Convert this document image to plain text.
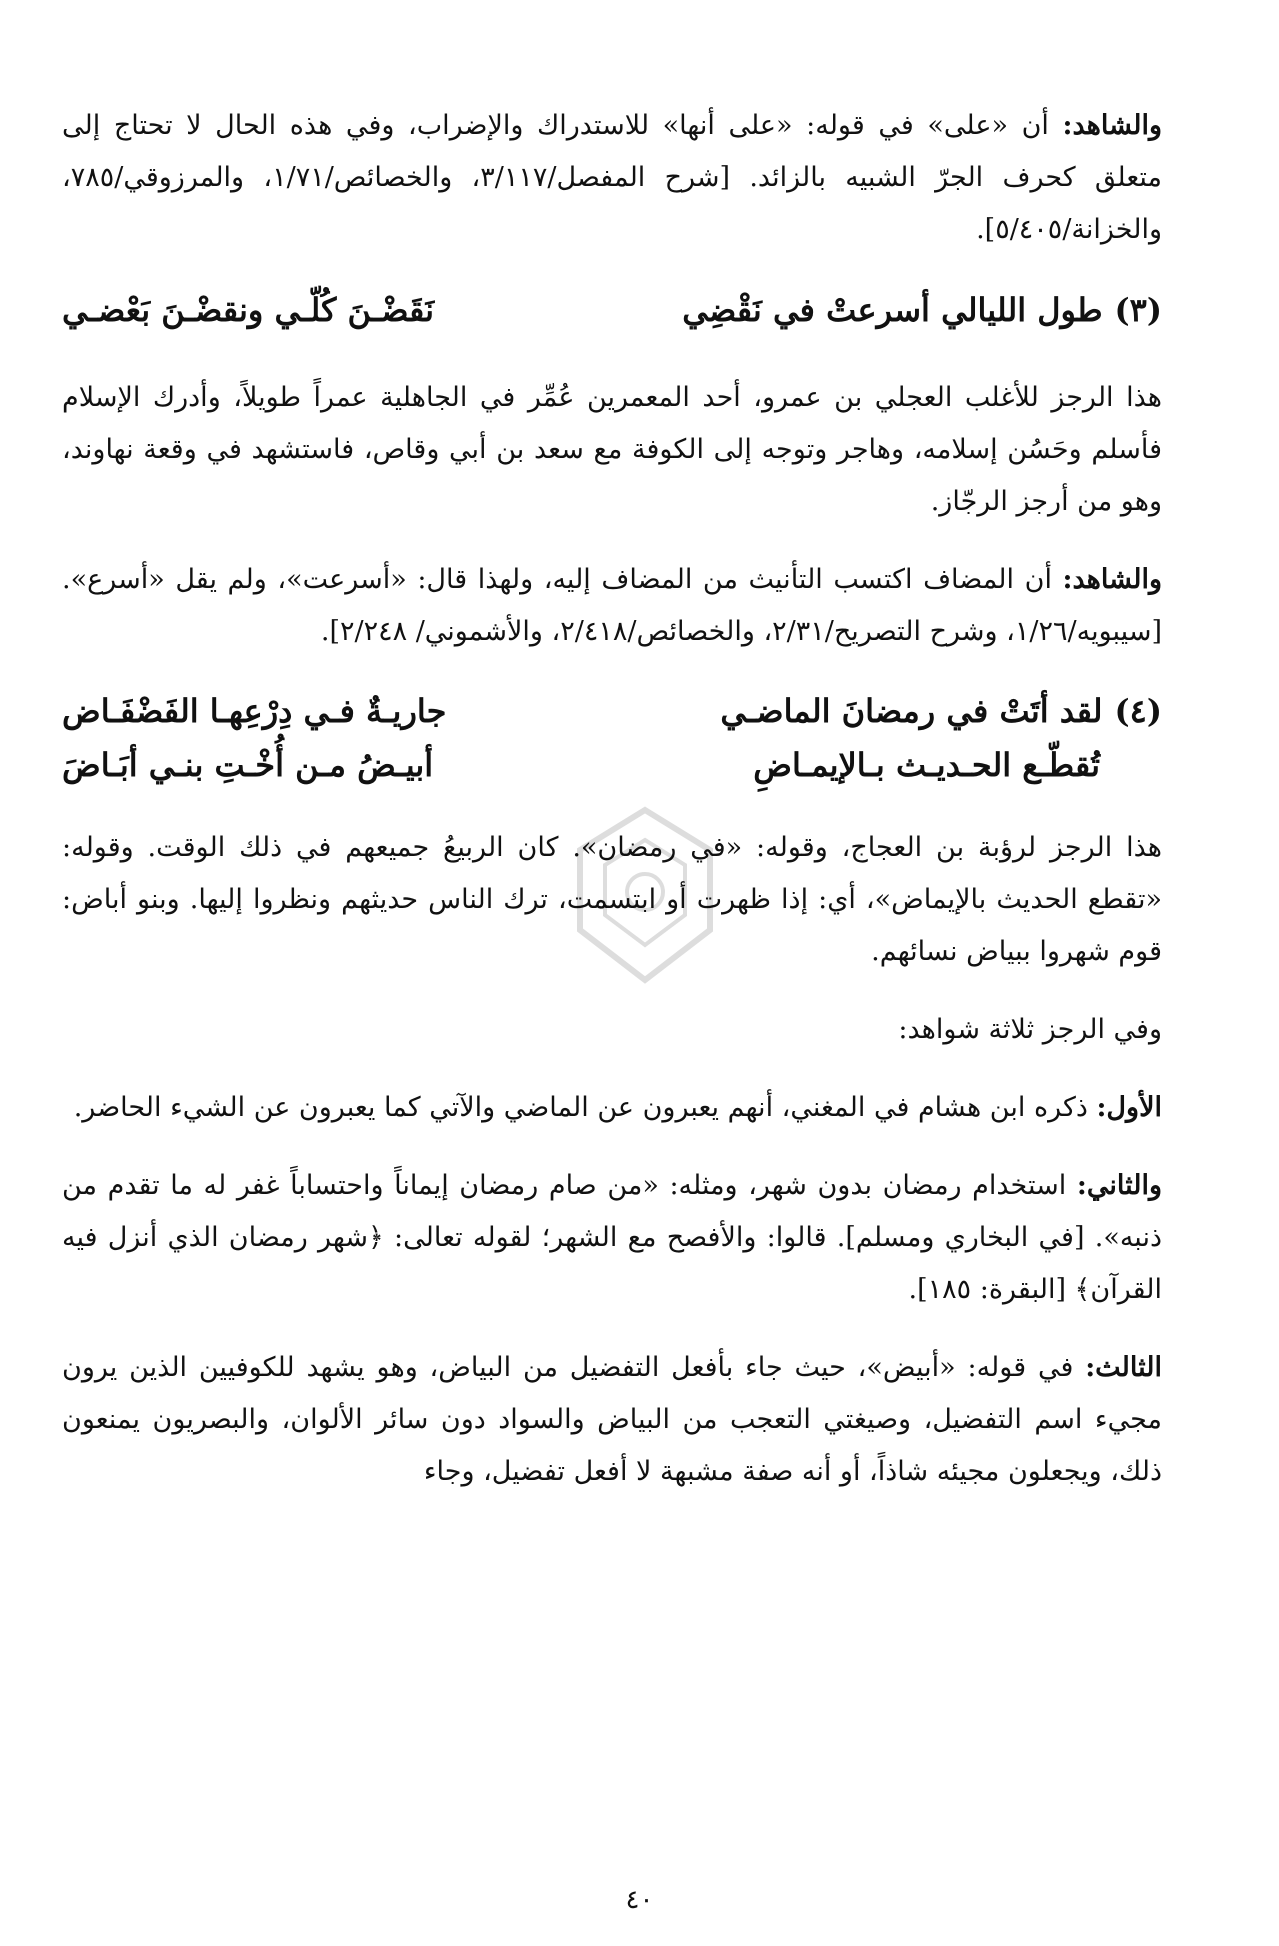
والشاهد: أن «على» في قوله: «على أنها» للاستدراك والإضراب، وفي هذه الحال لا تحتاج إلى متعلق كحرف الجرّ الشبيه بالزائد. [شرح المفصل/٣/١١٧، والخصائص/١/٧١، والمرزوقي/٧٨٥، والخزانة/٥/٤٠٥].

(٣)طول الليالي أسرعتْ في نَقْضِي
نَقَضْـنَ كُلّـي ونقضْـنَ بَعْضـي

هذا الرجز للأغلب العجلي بن عمرو، أحد المعمرين عُمِّر في الجاهلية عمراً طويلاً، وأدرك الإسلام فأسلم وحَسُن إسلامه، وهاجر وتوجه إلى الكوفة مع سعد بن أبي وقاص، فاستشهد في وقعة نهاوند، وهو من أرجز الرجّاز.

والشاهد: أن المضاف اكتسب التأنيث من المضاف إليه، ولهذا قال: «أسرعت»، ولم يقل «أسرع». [سيبويه/١/٢٦، وشرح التصريح/٢/٣١، والخصائص/٢/٤١٨، والأشموني/ ٢/٢٤٨].

(٤)
لقد أتَتْ في رمضانَ الماضـي
جاريـةٌ فـي دِرْعِهـا الفَضْفَـاض
تُقطّـع الحـديـث بـالإيمـاضِ
أبيـضُ مـن أُخْـتِ بنـي أبَـاضَ

هذا الرجز لرؤبة بن العجاج، وقوله: «في رمضان». كان الربيعُ جميعهم في ذلك الوقت. وقوله: «تقطع الحديث بالإيماض»، أي: إذا ظهرت أو ابتسمت، ترك الناس حديثهم ونظروا إليها. وبنو أباض: قوم شهروا ببياض نسائهم.

وفي الرجز ثلاثة شواهد:

الأول: ذكره ابن هشام في المغني، أنهم يعبرون عن الماضي والآتي كما يعبرون عن الشيء الحاضر.

والثاني: استخدام رمضان بدون شهر، ومثله: «من صام رمضان إيماناً واحتساباً غفر له ما تقدم من ذنبه». [في البخاري ومسلم]. قالوا: والأفصح مع الشهر؛ لقوله تعالى: ﴿شهر رمضان الذي أنزل فيه القرآن﴾ [البقرة: ١٨٥].

الثالث: في قوله: «أبيض»، حيث جاء بأفعل التفضيل من البياض، وهو يشهد للكوفيين الذين يرون مجيء اسم التفضيل، وصيغتي التعجب من البياض والسواد دون سائر الألوان، والبصريون يمنعون ذلك، ويجعلون مجيئه شاذاً، أو أنه صفة مشبهة لا أفعل تفضيل، وجاء

٤٠
